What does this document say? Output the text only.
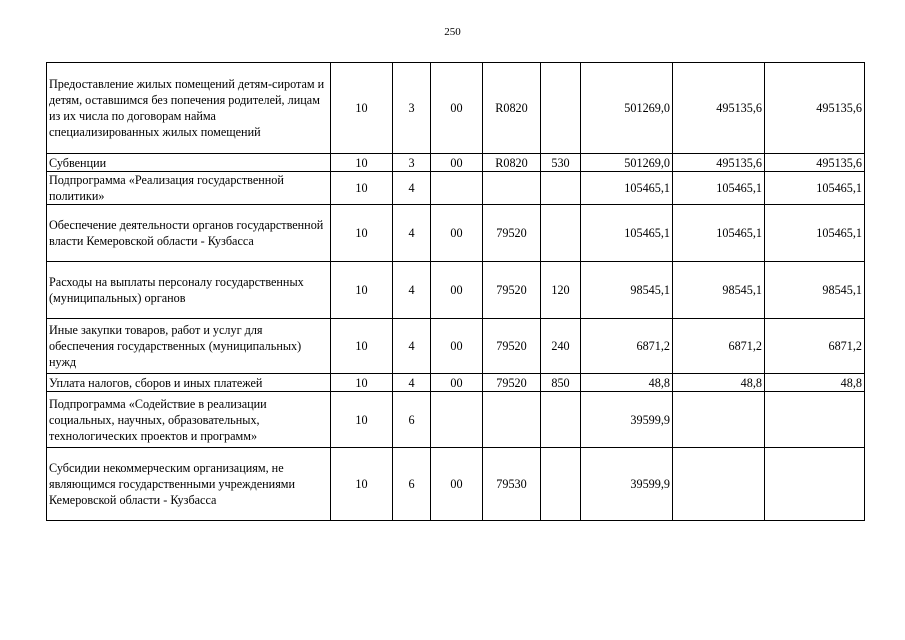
250
Предоставление жилых помещений детям-сиротам и детям, оставшимся без попечения родителей, лицам из их числа по договорам найма специализированных жилых помещений	10	3	00	R0820		501269,0	495135,6	495135,6
Субвенции	10	3	00	R0820	530	501269,0	495135,6	495135,6
Подпрограмма «Реализация государственной политики»	10	4				105465,1	105465,1	105465,1
Обеспечение деятельности органов государственной власти Кемеровской области - Кузбасса	10	4	00	79520		105465,1	105465,1	105465,1
Расходы на выплаты персоналу государственных (муниципальных) органов	10	4	00	79520	120	98545,1	98545,1	98545,1
Иные закупки товаров, работ и услуг для обеспечения государственных (муниципальных) нужд	10	4	00	79520	240	6871,2	6871,2	6871,2
Уплата налогов, сборов и иных платежей	10	4	00	79520	850	48,8	48,8	48,8
Подпрограмма «Содействие в реализации социальных, научных, образовательных, технологических проектов и программ»	10	6				39599,9		
Субсидии некоммерческим организациям, не являющимся государственными учреждениями Кемеровской области - Кузбасса	10	6	00	79530		39599,9		
